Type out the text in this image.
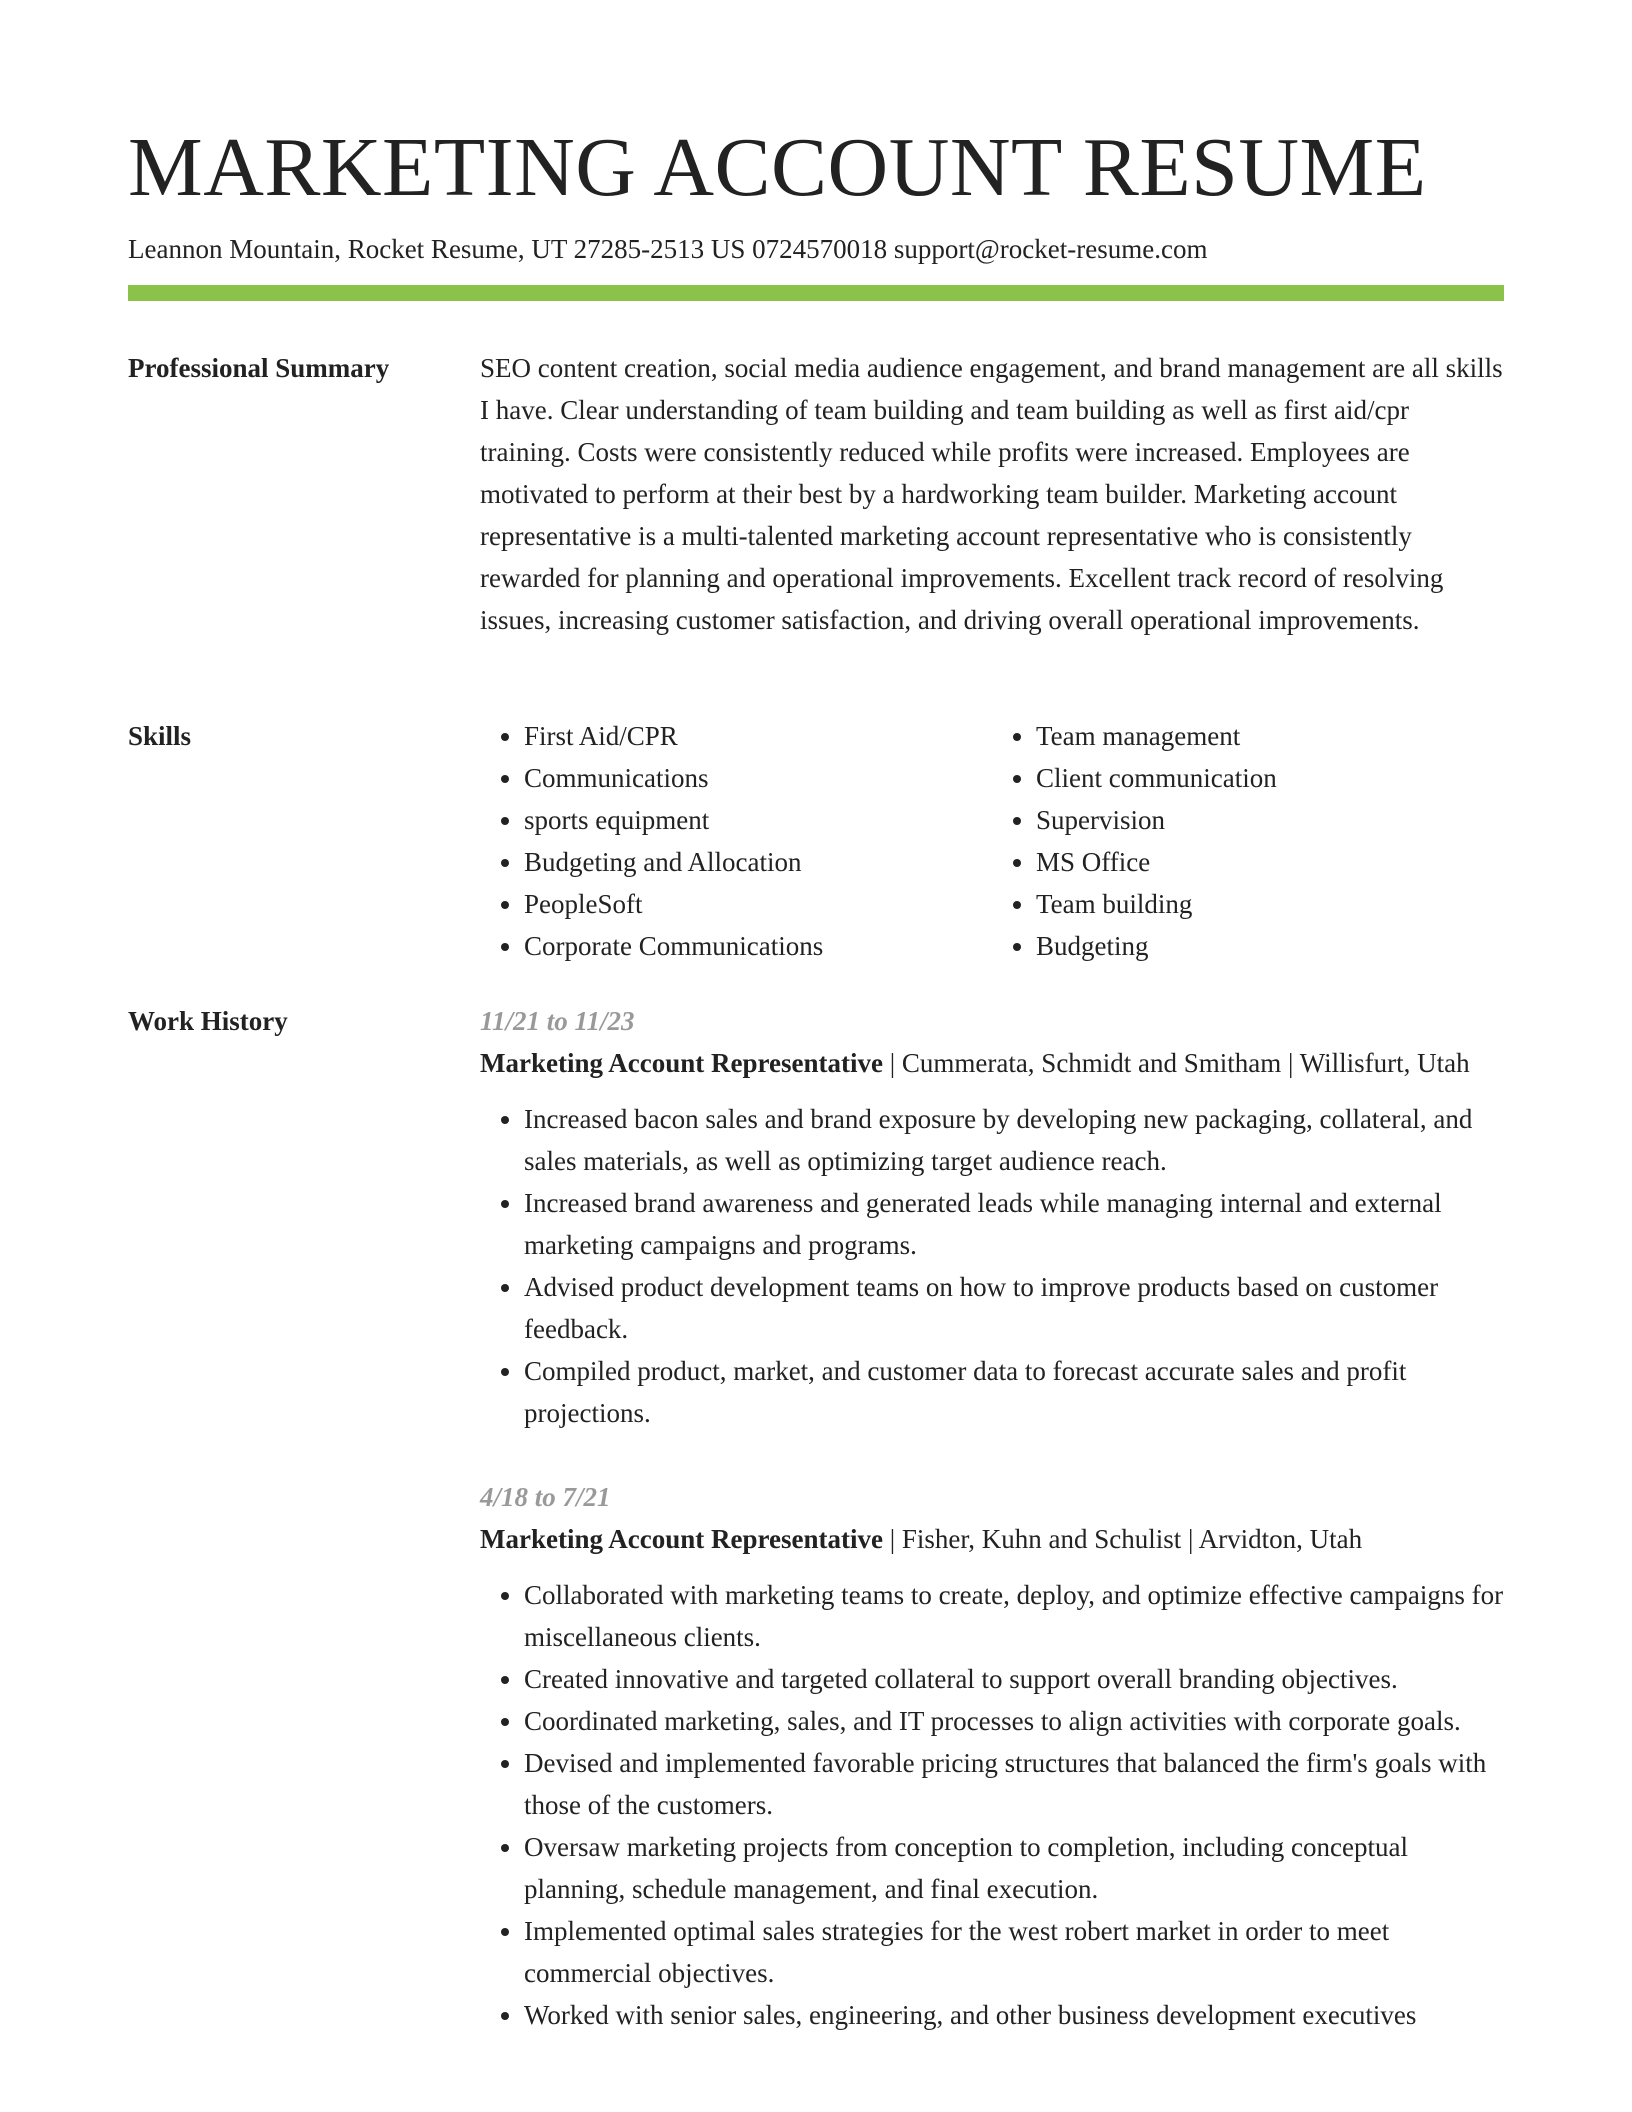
MARKETING ACCOUNT RESUME
Leannon Mountain, Rocket Resume, UT 27285-2513 US 0724570018 support@rocket-resume.com
Professional Summary	SEO content creation, social media audience engagement, and brand management are all skills I have. Clear understanding of team building and team building as well as first aid/cpr training. Costs were consistently reduced while profits were increased. Employees are motivated to perform at their best by a hardworking team builder. Marketing account representative is a multi-talented marketing account representative who is consistently rewarded for planning and operational improvements. Excellent track record of resolving issues, increasing customer satisfaction, and driving overall operational improvements.

Skills
•	First Aid/CPR
• Communications
• sports equipment
• Budgeting and Allocation
• PeopleSoft
• Corporate Communications
• Team management
• Client communication
• Supervision
• MS Office
• Team building
• Budgeting
Work History	11/21 to 11/23
Marketing Account Representative | Cummerata, Schmidt and Smitham | Willisfurt, Utah
• Increased bacon sales and brand exposure by developing new packaging, collateral, and sales materials, as well as optimizing target audience reach.
• Increased brand awareness and generated leads while managing internal and external marketing campaigns and programs.
• Advised product development teams on how to improve products based on customer feedback.
• Compiled product, market, and customer data to forecast accurate sales and profit projections.
4/18 to 7/21
Marketing Account Representative | Fisher, Kuhn and Schulist | Arvidton, Utah
• Collaborated with marketing teams to create, deploy, and optimize effective campaigns for miscellaneous clients.
• Created innovative and targeted collateral to support overall branding objectives.
• Coordinated marketing, sales, and IT processes to align activities with corporate goals.
• Devised and implemented favorable pricing structures that balanced the firm's goals with those of the customers.
• Oversaw marketing projects from conception to completion, including conceptual planning, schedule management, and final execution.
• Implemented optimal sales strategies for the west robert market in order to meet commercial objectives.
• Worked with senior sales, engineering, and other business development executives
